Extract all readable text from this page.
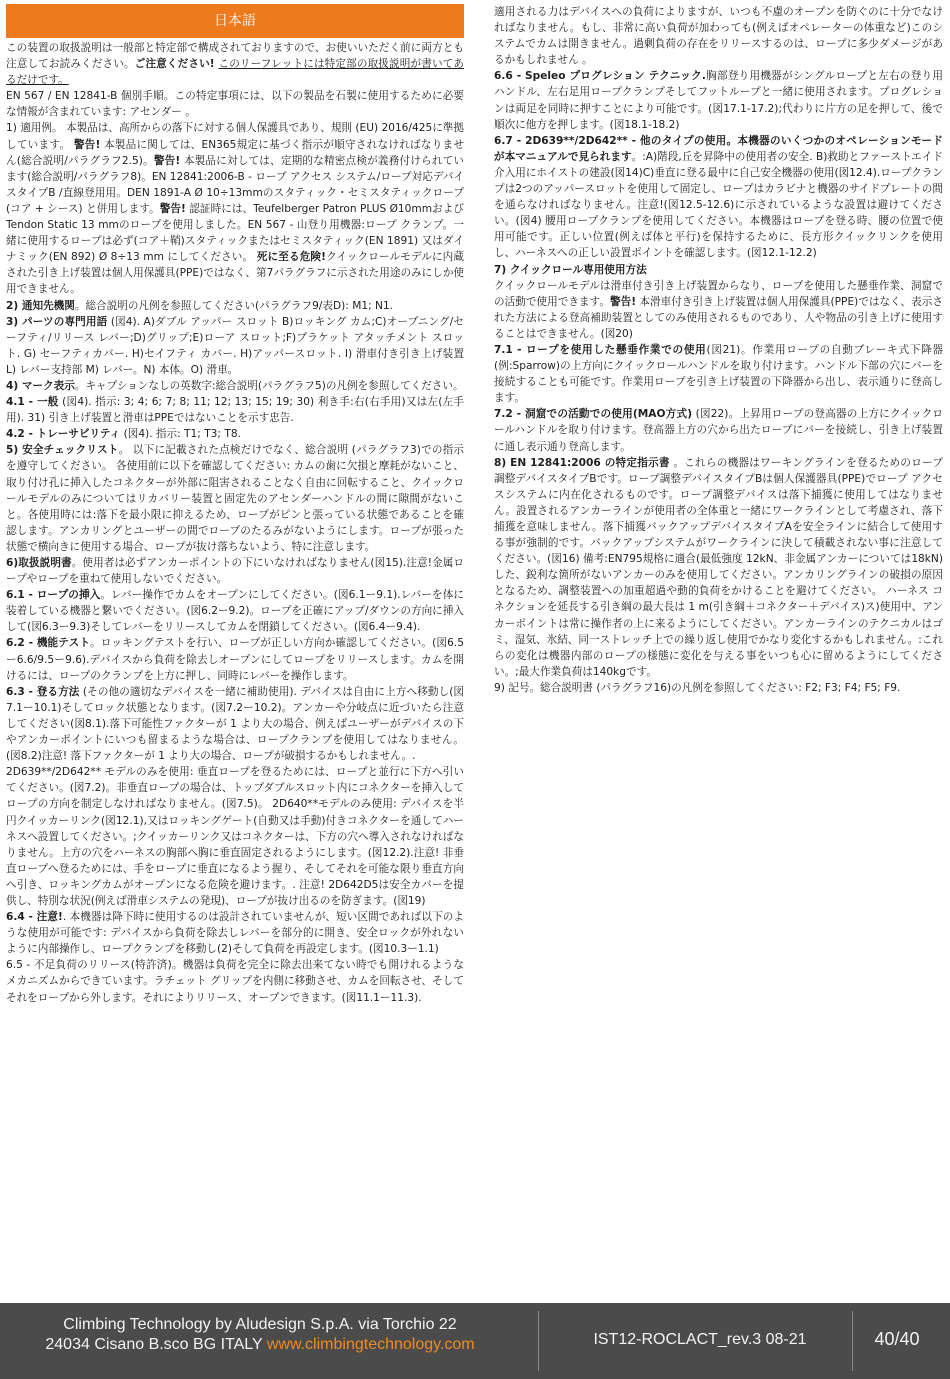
日本語

この装置の取扱説明は一般部と特定部で構成されておりますので、お使いいただく前に両方とも注意してお読みください。ご注意ください! このリーフレットには特定部の取扱説明が書いてあるだけです。

EN 567 / EN 12841-B 個別手順。この特定事項には、以下の製品を石製に使用するために必要な情報が含まれています: アセンダー 。

1) 適用例。 本製品は、高所からの落下に対する個人保護具であり、規則 (EU) 2016/425に準拠しています。 警告! 本製品に関しては、EN365規定に基づく指示が順守されなければなりません(総合説明/パラグラフ2.5)。警告! 本製品に対しては、定期的な精密点検が義務付けられています(総合説明/パラグラフ8)。EN 12841:2006-B - ロープ アクセス システム/ロープ対応デバイスタイプB /直線登用用。DEN 1891-A Ø 10÷13mmのスタティック・セミスタティックロープ (コア + シース) と併用します。警告! 認証時には、Teufelberger Patron PLUS Ø10mmおよびTendon Static 13 mmのロープを使用しました。EN 567 - 山登り用機器:ロープ クランプ。一緒に使用するロープは必ず(コア＋鞘)スタティックまたはセミスタティック(EN 1891) 又はダイナミック(EN 892) Ø 8÷13 mm にしてください。 死に至る危険!クイックロールモデルに内蔵された引き上げ装置は個人用保護具(PPE)ではなく、第7パラグラフに示された用途のみにしか使用できません。

2) 通知先機関。総合説明の凡例を参照してください(パラグラフ9/表D): M1; N1.

3) パーツの専門用語 (図4). A)ダブル アッパー スロット B)ロッキング カム;C)オープニング/セーフティ/リリース レバー;D)グリップ;E)ローア スロット;F)ブラケット アタッチメント スロット. G) セーフティカバー. H)セイフティ カバー. H)アッパースロット. I) 滑車付き引き上げ装置 L) レバー支持部 M) レバー。N) 本体。O) 滑車。

4) マーク表示。キャプションなしの英数字:総合説明(パラグラフ5)の凡例を参照してください。

4.1 - 一般 (図4). 指示: 3; 4; 6; 7; 8; 11; 12; 13; 15; 19; 30) 利き手:右(右手用)又は左(左手用). 31) 引き上げ装置と滑車はPPEではないことを示す忠告.

4.2 - トレーサビリティ (図4). 指示: T1; T3; T8.

5) 安全チェックリスト。 以下に記載された点検だけでなく、総合説明 (パラグラフ3)での指示を遵守してください。 各使用前に以下を確認してください: カムの歯に欠損と摩耗がないこと、取り付け孔に挿入したコネクターが外部に阻害されることなく自由に回転すること、クイックロールモデルのみについてはリカバリー装置と固定先のアセンダーハンドルの間に隙間がないこと。各使用時には:落下を最小限に抑えるため、ロープがピンと張っている状態であることを確認します。アンカリングとユーザーの間でロープのたるみがないようにします。ロープが張った状態で横向きに使用する場合、ロープが抜け落ちないよう、特に注意します。

6)取扱説明書。使用者は必ずアンカーポイントの下にいなければなりません(図15).注意!金属ロープやロープを重ねて使用しないでください。

6.1 - ロープの挿入。レバー操作でカムをオープンにしてください。(図6.1ー9.1).レバーを体に装着している機器と繋いでください。(図6.2ー9.2)。ロープを正確にアップ/ダウンの方向に挿入して(図6.3ー9.3)そしてレバーをリリースしてカムを閉鎖してください。(図6.4ー9.4).

6.2 - 機能テスト。ロッキングテストを行い、ロープが正しい方向か確認してください。(図6.5ー6.6/9.5ー9.6).デバイスから負荷を除去しオープンにしてロープをリリースします。カムを開けるには、ロープのクランプを上方に押し、同時にレバーを操作します。

6.3 - 登る方法 (その他の適切なデバイスを一緒に補助使用). デバイスは自由に上方へ移動し(図7.1ー10.1)そしてロック状態となります。(図7.2ー10.2)。アンカーや分岐点に近づいたら注意してください(図8.1).落下可能性ファクターが 1 より大の場合、例えばユーザーがデバイスの下やアンカーポイントにいつも留まるような場合は、ロープクランプを使用してはなりません。(図8.2)注意! 落下ファクターが 1 より大の場合、ロープが破損するかもしれません。.

2D639**/2D642** モデルのみを使用: 垂直ロープを登るためには、ロープと並行に下方へ引いてください。(図7.2)。非垂直ロープの場合は、トップダブルスロット内にコネクターを挿入してロープの方向を制定しなければなりません。(図7.5)。 2D640**モデルのみ使用: デバイスを半円クイッカーリンク(図12.1),又はロッキングゲート(自動又は手動)付きコネクターを通してハーネスへ設置してください。;クイッカーリンク又はコネクターは、下方の穴へ導入されなければなりません。上方の穴をハーネスの胸部へ胸に垂直固定されるようにします。(図12.2).注意! 非垂直ロープへ登るためには、手をロープに垂直になるよう握り、そしてそれを可能な限り垂直方向へ引き、ロッキングカムがオープンになる危険を避けます。. 注意! 2D642D5は安全カバーを提供し、特別な状況(例えば滑車システムの発現)、ロープが抜け出るのを防ぎます。(図19)

6.4 - 注意!. 本機器は降下時に使用するのは設計されていませんが、短い区間であれば以下のような使用が可能です: デバイスから負荷を除去しレバーを部分的に開き、安全ロックが外れないように内部操作し、ロープクランプを移動し(2)そして負荷を再設定します。(図10.3ー1.1)

6.5 - 不足負荷のリリース(特許済)。機器は負荷を完全に除去出来てない時でも開けれるようなメカニズムからできています。ラチェット グリップを内側に移動させ、カムを回転させ、そしてそれをロープから外します。それによりリリース、オープンできます。(図11.1ー11.3).

適用される力はデバイスへの負荷によりますが、いつも不慮のオープンを防ぐのに十分でなければなりません。もし、非常に高い負荷が加わっても(例えばオペレーターの体重など)このシステムでカムは開きません。過剰負荷の存在をリリースするのは、ロープに多少ダメージがあるかもしれません 。

6.6 - Speleo プログレション テクニック.胸部登り用機器がシングルロープと左右の登り用ハンドル、左右足用ロープクランプそしてフットループと一緒に使用されます。プログレションは両足を同時に押すことにより可能です。(図17.1-17.2);代わりに片方の足を押して、後で順次に他方を押します。(図18.1-18.2)

6.7 - 2D639**/2D642** - 他のタイプの使用。本機器のいくつかのオペレーションモードが本マニュアルで見られます。:A)階段,丘を昇降中の使用者の安全. B)救助とファーストエイド介入用にホイストの建設(図14)C)垂直に登る最中に自己安全機器の使用(図12.4).ロープクランプは2つのアッパースロットを使用して固定し、ロープはカラビナと機器のサイドプレートの間を通らなければなりません。注意!(図12.5-12.6)に示されているような設置は避けてください。(図4) 腰用ロープクランプを使用してください。本機器はロープを登る時、腰の位置で使用可能です。正しい位置(例えば体と平行)を保持するために、長方形クイックリンクを使用し、ハーネスへの正しい設置ポイントを確認します。(図12.1-12.2)

7) クイックロール専用使用方法

クイックロールモデルは滑車付き引き上げ装置からなり、ロープを使用した懸垂作業、洞窟での活動で使用できます。警告! 本滑車付き引き上げ装置は個人用保護具(PPE)ではなく、表示された方法による登高補助装置としてのみ使用されるものであり、人や物品の引き上げに使用することはできません。(図20)

7.1 - ロープを使用した懸垂作業での使用(図21)。作業用ロープの自動ブレーキ式下降器(例:Sparrow)の上方向にクイックロールハンドルを取り付けます。ハンドル下部の穴にバーを接続することも可能です。作業用ロープを引き上げ装置の下降器から出し、表示通りに登高します。

7.2 - 洞窟での活動での使用(MAO方式) (図22)。上昇用ロープの登高器の上方にクイックロールハンドルを取り付けます。登高器上方の穴から出たロープにバーを接続し、引き上げ装置に通し表示通り登高します。

8) EN 12841:2006 の特定指示書 。これらの機器はワーキングラインを登るためのロープ調整デバイスタイプBです。ロープ調整デバイスタイプBは個人保護器具(PPE)でロープ アクセスシステムに内在化されるものです。ロープ調整デバイスは落下捕獲に使用してはなりません。設置されるアンカーラインが使用者の全体重と一緒にワークラインとして考慮され、落下捕獲を意味しません。落下捕獲バックアップデバイスタイプAを安全ラインに結合して使用する事が強制的です。バックアップシステムがワークラインに決して積載されない事に注意してください。(図16) 備考:EN795規格に適合(最低強度 12kN、非金属アンカーについては18kN)した、鋭利な箇所がないアンカーのみを使用してください。アンカリングラインの破損の原因となるため、調整装置への加重超過や動的負荷をかけることを避けてください。 ハーネス コネクションを延長する引き綱の最大長は 1 m(引き綱＋コネクター＋デバイス)ス)使用中、アンカーポイントは常に操作者の上に来るようにしてください。アンカーラインのテクニカルはゴミ、湿気、氷結、同一ストレッチ上での繰り返し使用でかなり変化するかもしれません。:これらの変化は機器内部のロープの様態に変化を与える事をいつも心に留めるようにしてください。;最大作業負荷は140kgです。

9) 記号。総合説明書 (パラグラフ16)の凡例を参照してください: F2; F3; F4; F5; F9.

Climbing Technology by Aludesign S.p.A. via Torchio 22
24034 Cisano B.sco BG ITALY www.climbingtechnology.com	IST12-ROCLACT_rev.3 08-21	40/40
